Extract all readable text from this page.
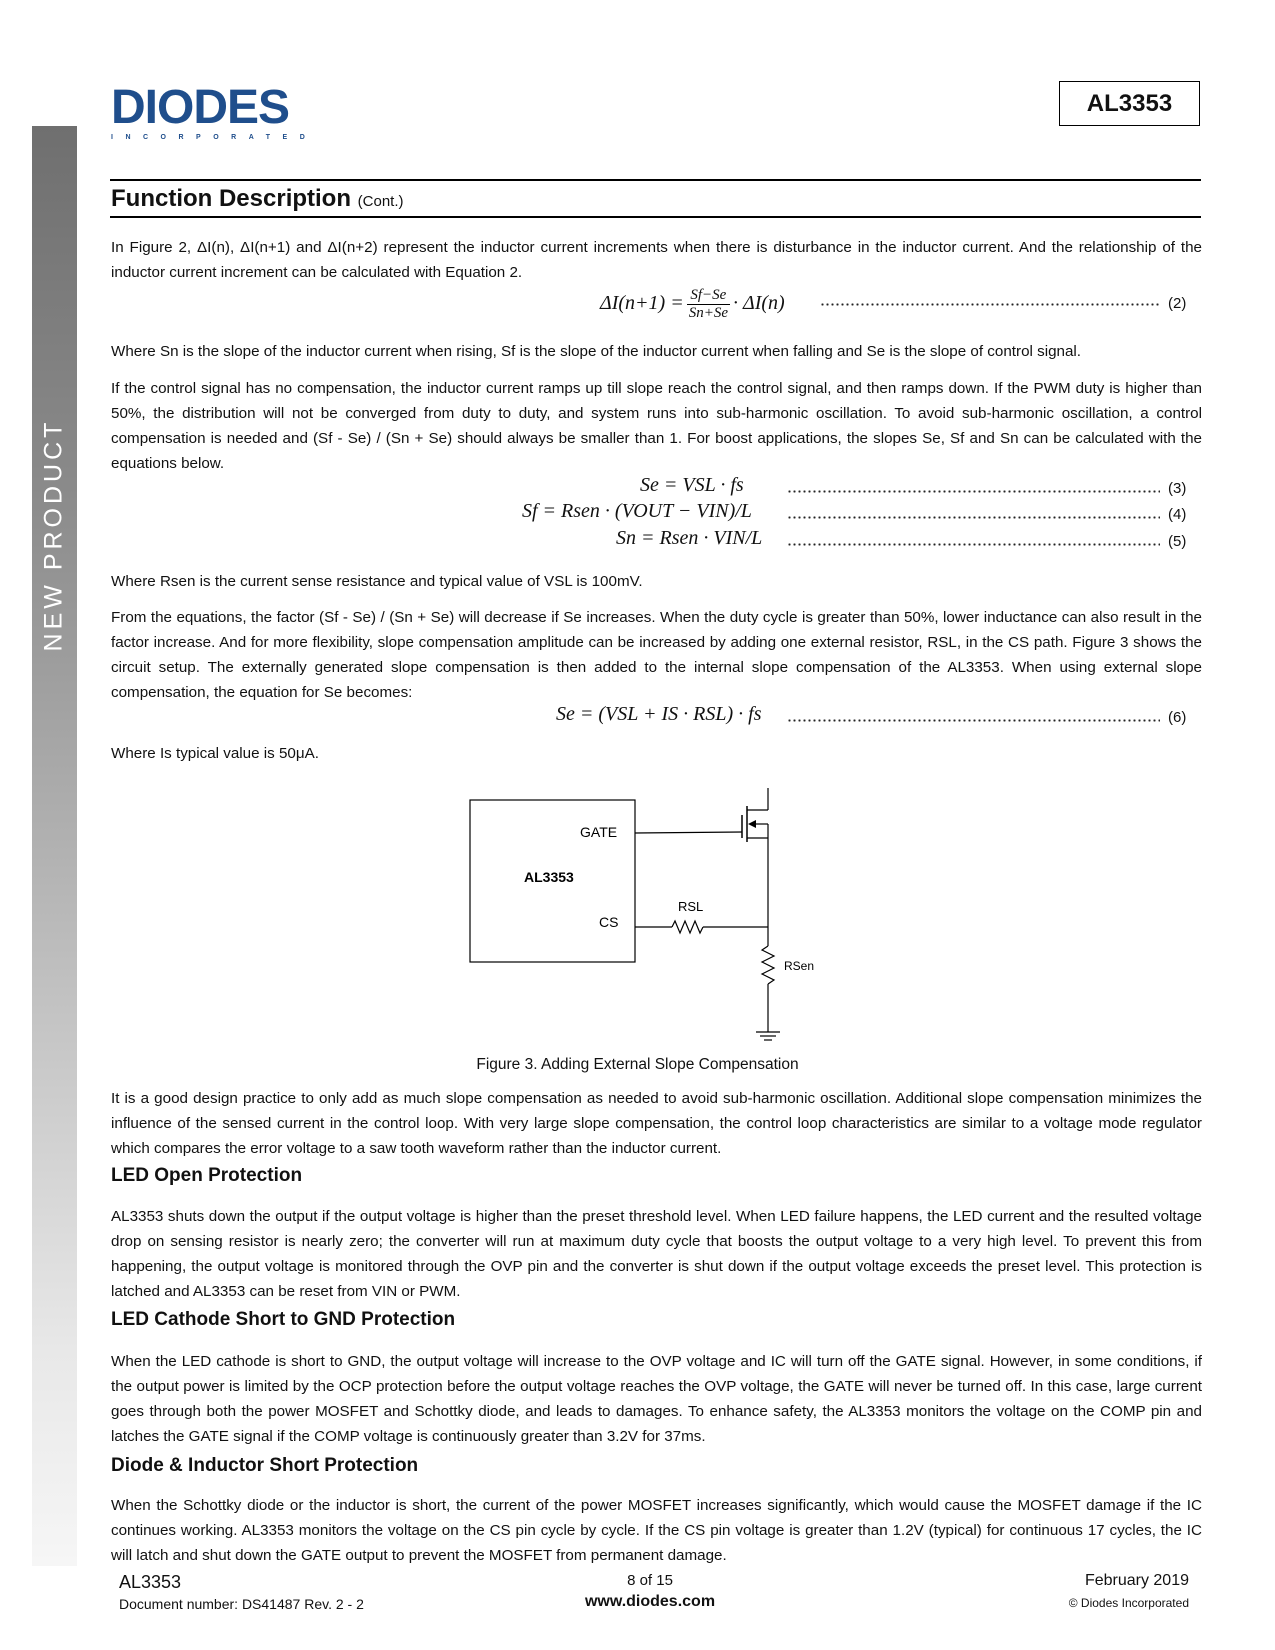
NEW PRODUCT
DIODES
INCORPORATED
AL3353
Function Description (Cont.)
In Figure 2, ΔI(n), ΔI(n+1) and ΔI(n+2) represent the inductor current increments when there is disturbance in the inductor current. And the relationship of the inductor current increment can be calculated with Equation 2.
$\Delta I(n+1) = \frac{Sf-Se}{Sn+Se} \cdot \Delta I(n)$	(2)
Where Sn is the slope of the inductor current when rising, Sf is the slope of the inductor current when falling and Se is the slope of control signal.
If the control signal has no compensation, the inductor current ramps up till slope reach the control signal, and then ramps down. If the PWM duty is higher than 50%, the distribution will not be converged from duty to duty, and system runs into sub-harmonic oscillation. To avoid sub-harmonic oscillation, a control compensation is needed and (Sf - Se) / (Sn + Se) should always be smaller than 1. For boost applications, the slopes Se, Sf and Sn can be calculated with the equations below.
Se = VSL · fs	(3)
Sf = Rsen · (VOUT − VIN)/L	(4)
Sn = Rsen · VIN/L	(5)
Where Rsen is the current sense resistance and typical value of VSL is 100mV.
From the equations, the factor (Sf - Se) / (Sn + Se) will decrease if Se increases. When the duty cycle is greater than 50%, lower inductance can also result in the factor increase. And for more flexibility, slope compensation amplitude can be increased by adding one external resistor, RSL, in the CS path. Figure 3 shows the circuit setup. The externally generated slope compensation is then added to the internal slope compensation of the AL3353. When using external slope compensation, the equation for Se becomes:
Se = (VSL + IS · RSL) · fs	(6)
Where Is typical value is 50μA.
AL3353
GATE
CS
RSL
RSen
Figure 3. Adding External Slope Compensation
It is a good design practice to only add as much slope compensation as needed to avoid sub-harmonic oscillation. Additional slope compensation minimizes the influence of the sensed current in the control loop. With very large slope compensation, the control loop characteristics are similar to a voltage mode regulator which compares the error voltage to a saw tooth waveform rather than the inductor current.
LED Open Protection
AL3353 shuts down the output if the output voltage is higher than the preset threshold level. When LED failure happens, the LED current and the resulted voltage drop on sensing resistor is nearly zero; the converter will run at maximum duty cycle that boosts the output voltage to a very high level. To prevent this from happening, the output voltage is monitored through the OVP pin and the converter is shut down if the output voltage exceeds the preset level. This protection is latched and AL3353 can be reset from VIN or PWM.
LED Cathode Short to GND Protection
When the LED cathode is short to GND, the output voltage will increase to the OVP voltage and IC will turn off the GATE signal. However, in some conditions, if the output power is limited by the OCP protection before the output voltage reaches the OVP voltage, the GATE will never be turned off. In this case, large current goes through both the power MOSFET and Schottky diode, and leads to damages. To enhance safety, the AL3353 monitors the voltage on the COMP pin and latches the GATE signal if the COMP voltage is continuously greater than 3.2V for 37ms.
Diode & Inductor Short Protection
When the Schottky diode or the inductor is short, the current of the power MOSFET increases significantly, which would cause the MOSFET damage if the IC continues working. AL3353 monitors the voltage on the CS pin cycle by cycle. If the CS pin voltage is greater than 1.2V (typical) for continuous 17 cycles, the IC will latch and shut down the GATE output to prevent the MOSFET from permanent damage.
AL3353
Document number: DS41487 Rev. 2 - 2
8 of 15
www.diodes.com
February 2019
© Diodes Incorporated
